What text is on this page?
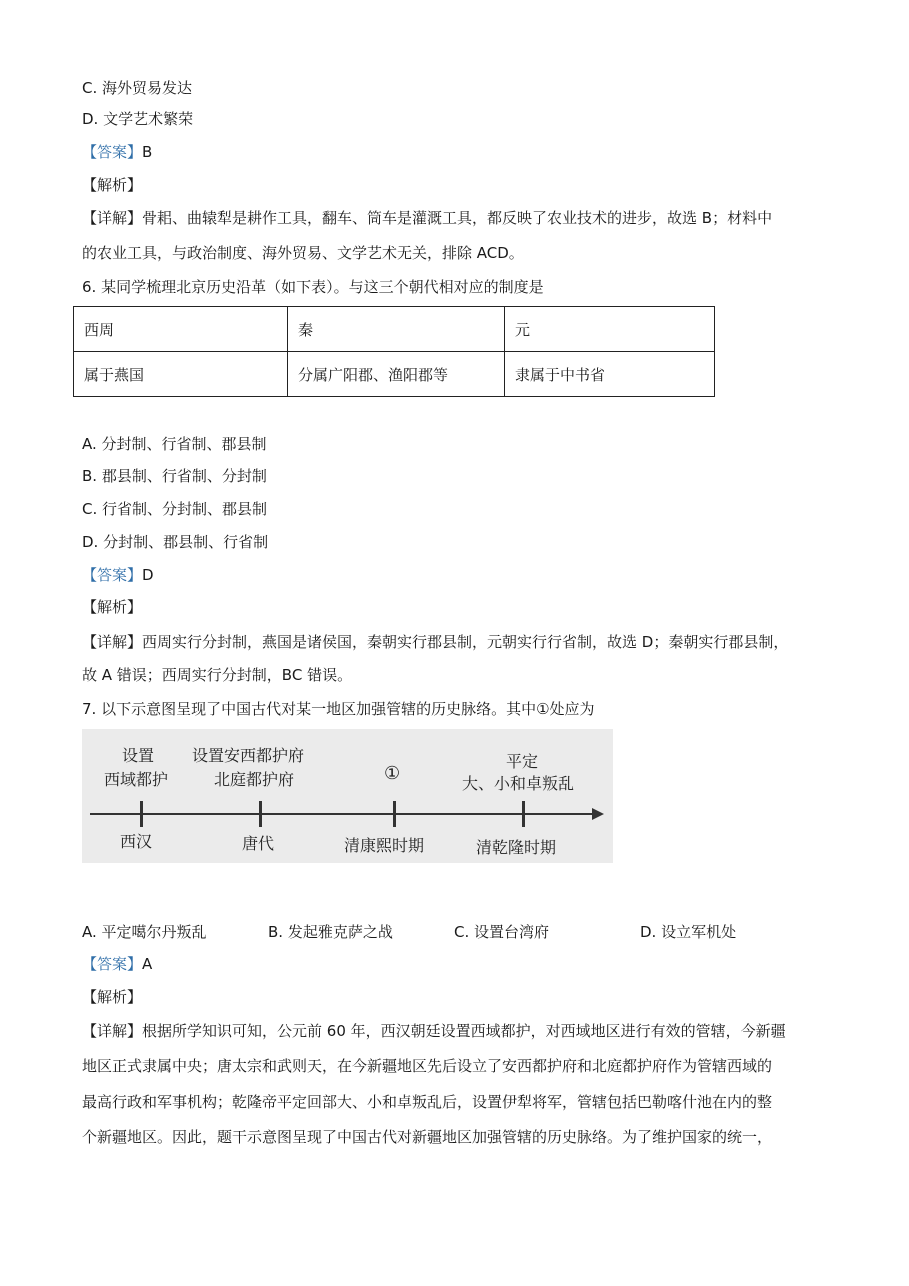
C. 海外贸易发达
D. 文学艺术繁荣
【答案】B
【解析】
【详解】骨耜、曲辕犁是耕作工具，翻车、筒车是灌溉工具，都反映了农业技术的进步，故选 B；材料中
的农业工具，与政治制度、海外贸易、文学艺术无关，排除 ACD。
6. 某同学梳理北京历史沿革（如下表）。与这三个朝代相对应的制度是
西周	秦	元
属于燕国	分属广阳郡、渔阳郡等	隶属于中书省
A. 分封制、行省制、郡县制
B. 郡县制、行省制、分封制
C. 行省制、分封制、郡县制
D. 分封制、郡县制、行省制
【答案】D
【解析】
【详解】西周实行分封制，燕国是诸侯国，秦朝实行郡县制，元朝实行行省制，故选 D；秦朝实行郡县制，
故 A 错误；西周实行分封制，BC 错误。
7. 以下示意图呈现了中国古代对某一地区加强管辖的历史脉络。其中①处应为
设置
西域都护
西汉
设置安西都护府
北庭都护府
唐代
①
清康熙时期
平定
大、小和卓叛乱
清乾隆时期
A. 平定噶尔丹叛乱	B. 发起雅克萨之战	C. 设置台湾府	D. 设立军机处
【答案】A
【解析】
【详解】根据所学知识可知，公元前 60 年，西汉朝廷设置西域都护，对西域地区进行有效的管辖，今新疆
地区正式隶属中央；唐太宗和武则天，在今新疆地区先后设立了安西都护府和北庭都护府作为管辖西域的
最高行政和军事机构；乾隆帝平定回部大、小和卓叛乱后，设置伊犁将军，管辖包括巴勒喀什池在内的整
个新疆地区。因此，题干示意图呈现了中国古代对新疆地区加强管辖的历史脉络。为了维护国家的统一，
